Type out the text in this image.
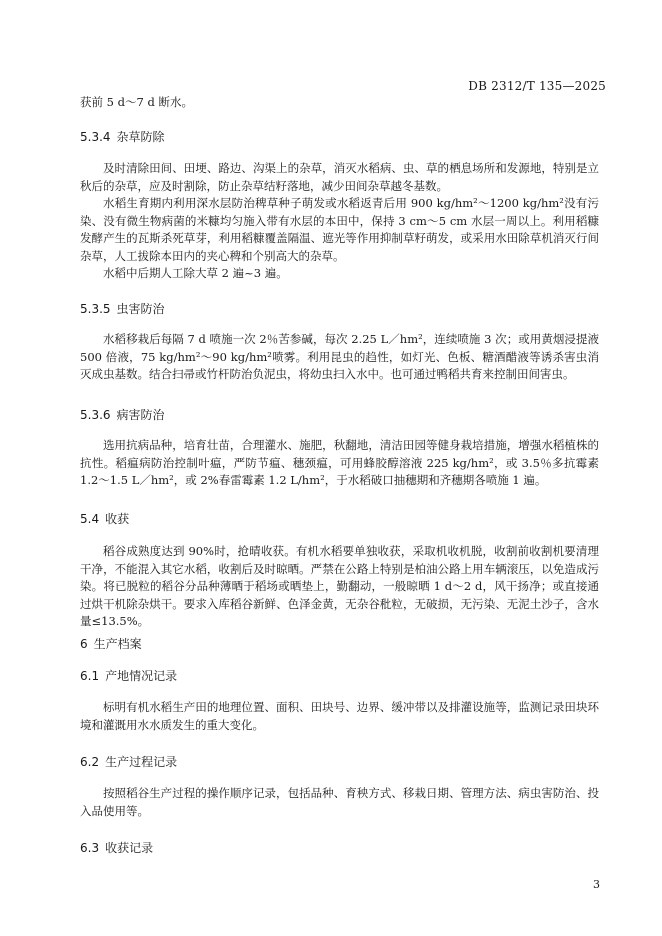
DB 2312/T 135—2025
获前 5 d～7 d 断水。
5.3.4 杂草防除

及时清除田间、田埂、路边、沟渠上的杂草，消灭水稻病、虫、草的栖息场所和发源地，特别是立秋后的杂草，应及时割除，防止杂草结籽落地，减少田间杂草越冬基数。

水稻生育期内利用深水层防治稗草种子萌发或水稻返青后用 900 kg/hm²～1200 kg/hm²没有污染、没有微生物病菌的米糠均匀施入带有水层的本田中，保持 3 cm～5 cm 水层一周以上。利用稻糠发酵产生的瓦斯杀死草芽，利用稻糠覆盖隔温、遮光等作用抑制草籽萌发，或采用水田除草机消灭行间杂草，人工拔除本田内的夹心稗和个别高大的杂草。

水稻中后期人工除大草 2 遍~3 遍。

5.3.5 虫害防治

水稻移栽后每隔 7 d 喷施一次 2％苦参碱，每次 2.25 L／hm²，连续喷施 3 次；或用黄烟浸提液 500 倍液，75 kg/hm²～90 kg/hm²喷雾。利用昆虫的趋性，如灯光、色板、糖酒醋液等诱杀害虫消灭成虫基数。结合扫帚或竹杆防治负泥虫，将幼虫扫入水中。也可通过鸭稻共育来控制田间害虫。

5.3.6 病害防治

选用抗病品种，培育壮苗，合理灌水、施肥，秋翻地，清洁田园等健身栽培措施，增强水稻植株的抗性。稻瘟病防治控制叶瘟，严防节瘟、穗颈瘟，可用蜂胶醇溶液 225 kg/hm²，或 3.5％多抗霉素 1.2～1.5 L／hm²，或 2%春雷霉素 1.2 L/hm²，于水稻破口抽穗期和齐穗期各喷施 1 遍。

5.4 收获

稻谷成熟度达到 90%时，抢晴收获。有机水稻要单独收获，采取机收机脱，收割前收割机要清理干净，不能混入其它水稻，收割后及时晾晒。严禁在公路上特别是柏油公路上用车辆滚压，以免造成污染。将已脱粒的稻谷分品种薄晒于稻场或晒垫上，勤翻动，一般晾晒 1 d～2 d，风干扬净；或直接通过烘干机除杂烘干。要求入库稻谷新鲜、色泽金黄，无杂谷秕粒，无破损，无污染、无泥土沙子，含水量≤13.5%。

6 生产档案
6.1 产地情况记录

标明有机水稻生产田的地理位置、面积、田块号、边界、缓冲带以及排灌设施等，监测记录田块环境和灌溉用水水质发生的重大变化。

6.2 生产过程记录

按照稻谷生产过程的操作顺序记录，包括品种、育秧方式、移栽日期、管理方法、病虫害防治、投入品使用等。

6.3 收获记录
3
